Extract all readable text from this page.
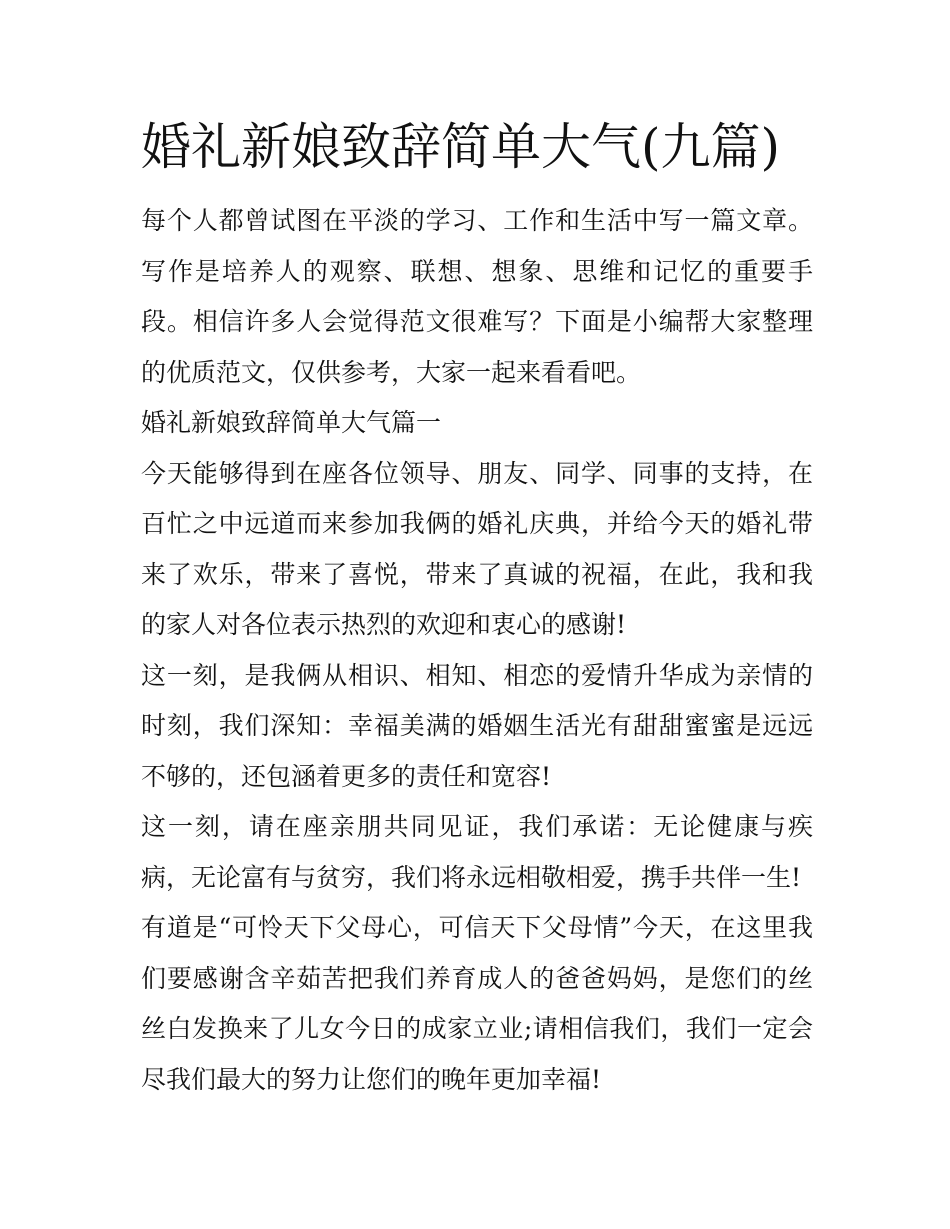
婚礼新娘致辞简单大气(九篇)

每个人都曾试图在平淡的学习、工作和生活中写一篇文章。写作是培养人的观察、联想、想象、思维和记忆的重要手段。相信许多人会觉得范文很难写？下面是小编帮大家整理的优质范文，仅供参考，大家一起来看看吧。

婚礼新娘致辞简单大气篇一

今天能够得到在座各位领导、朋友、同学、同事的支持，在百忙之中远道而来参加我俩的婚礼庆典，并给今天的婚礼带来了欢乐，带来了喜悦，带来了真诚的祝福，在此，我和我的家人对各位表示热烈的欢迎和衷心的感谢!

这一刻，是我俩从相识、相知、相恋的爱情升华成为亲情的时刻，我们深知：幸福美满的婚姻生活光有甜甜蜜蜜是远远不够的，还包涵着更多的责任和宽容!

这一刻，请在座亲朋共同见证，我们承诺：无论健康与疾病，无论富有与贫穷，我们将永远相敬相爱，携手共伴一生!

有道是“可怜天下父母心，可信天下父母情”今天，在这里我们要感谢含辛茹苦把我们养育成人的爸爸妈妈，是您们的丝丝白发换来了儿女今日的成家立业;请相信我们，我们一定会尽我们最大的努力让您们的晚年更加幸福!
